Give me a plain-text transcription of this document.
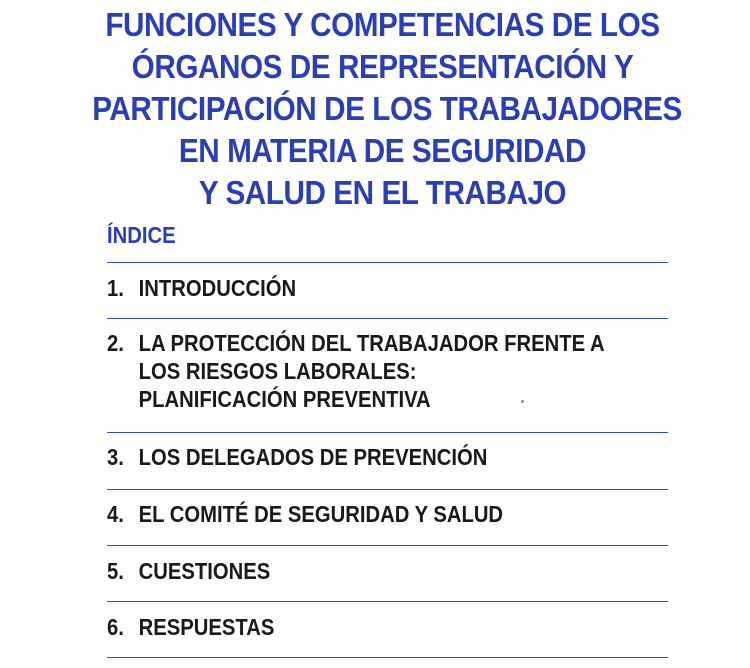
FUNCIONES Y COMPETENCIAS DE LOS
ÓRGANOS DE REPRESENTACIÓN Y
PARTICIPACIÓN DE LOS TRABAJADORES
EN MATERIA DE SEGURIDAD
Y SALUD EN EL TRABAJO
ÍNDICE
1. INTRODUCCIÓN
2. LA PROTECCIÓN DEL TRABAJADOR FRENTE A
LOS RIESGOS LABORALES:
PLANIFICACIÓN PREVENTIVA
3. LOS DELEGADOS DE PREVENCIÓN
4. EL COMITÉ DE SEGURIDAD Y SALUD
5. CUESTIONES
6. RESPUESTAS
